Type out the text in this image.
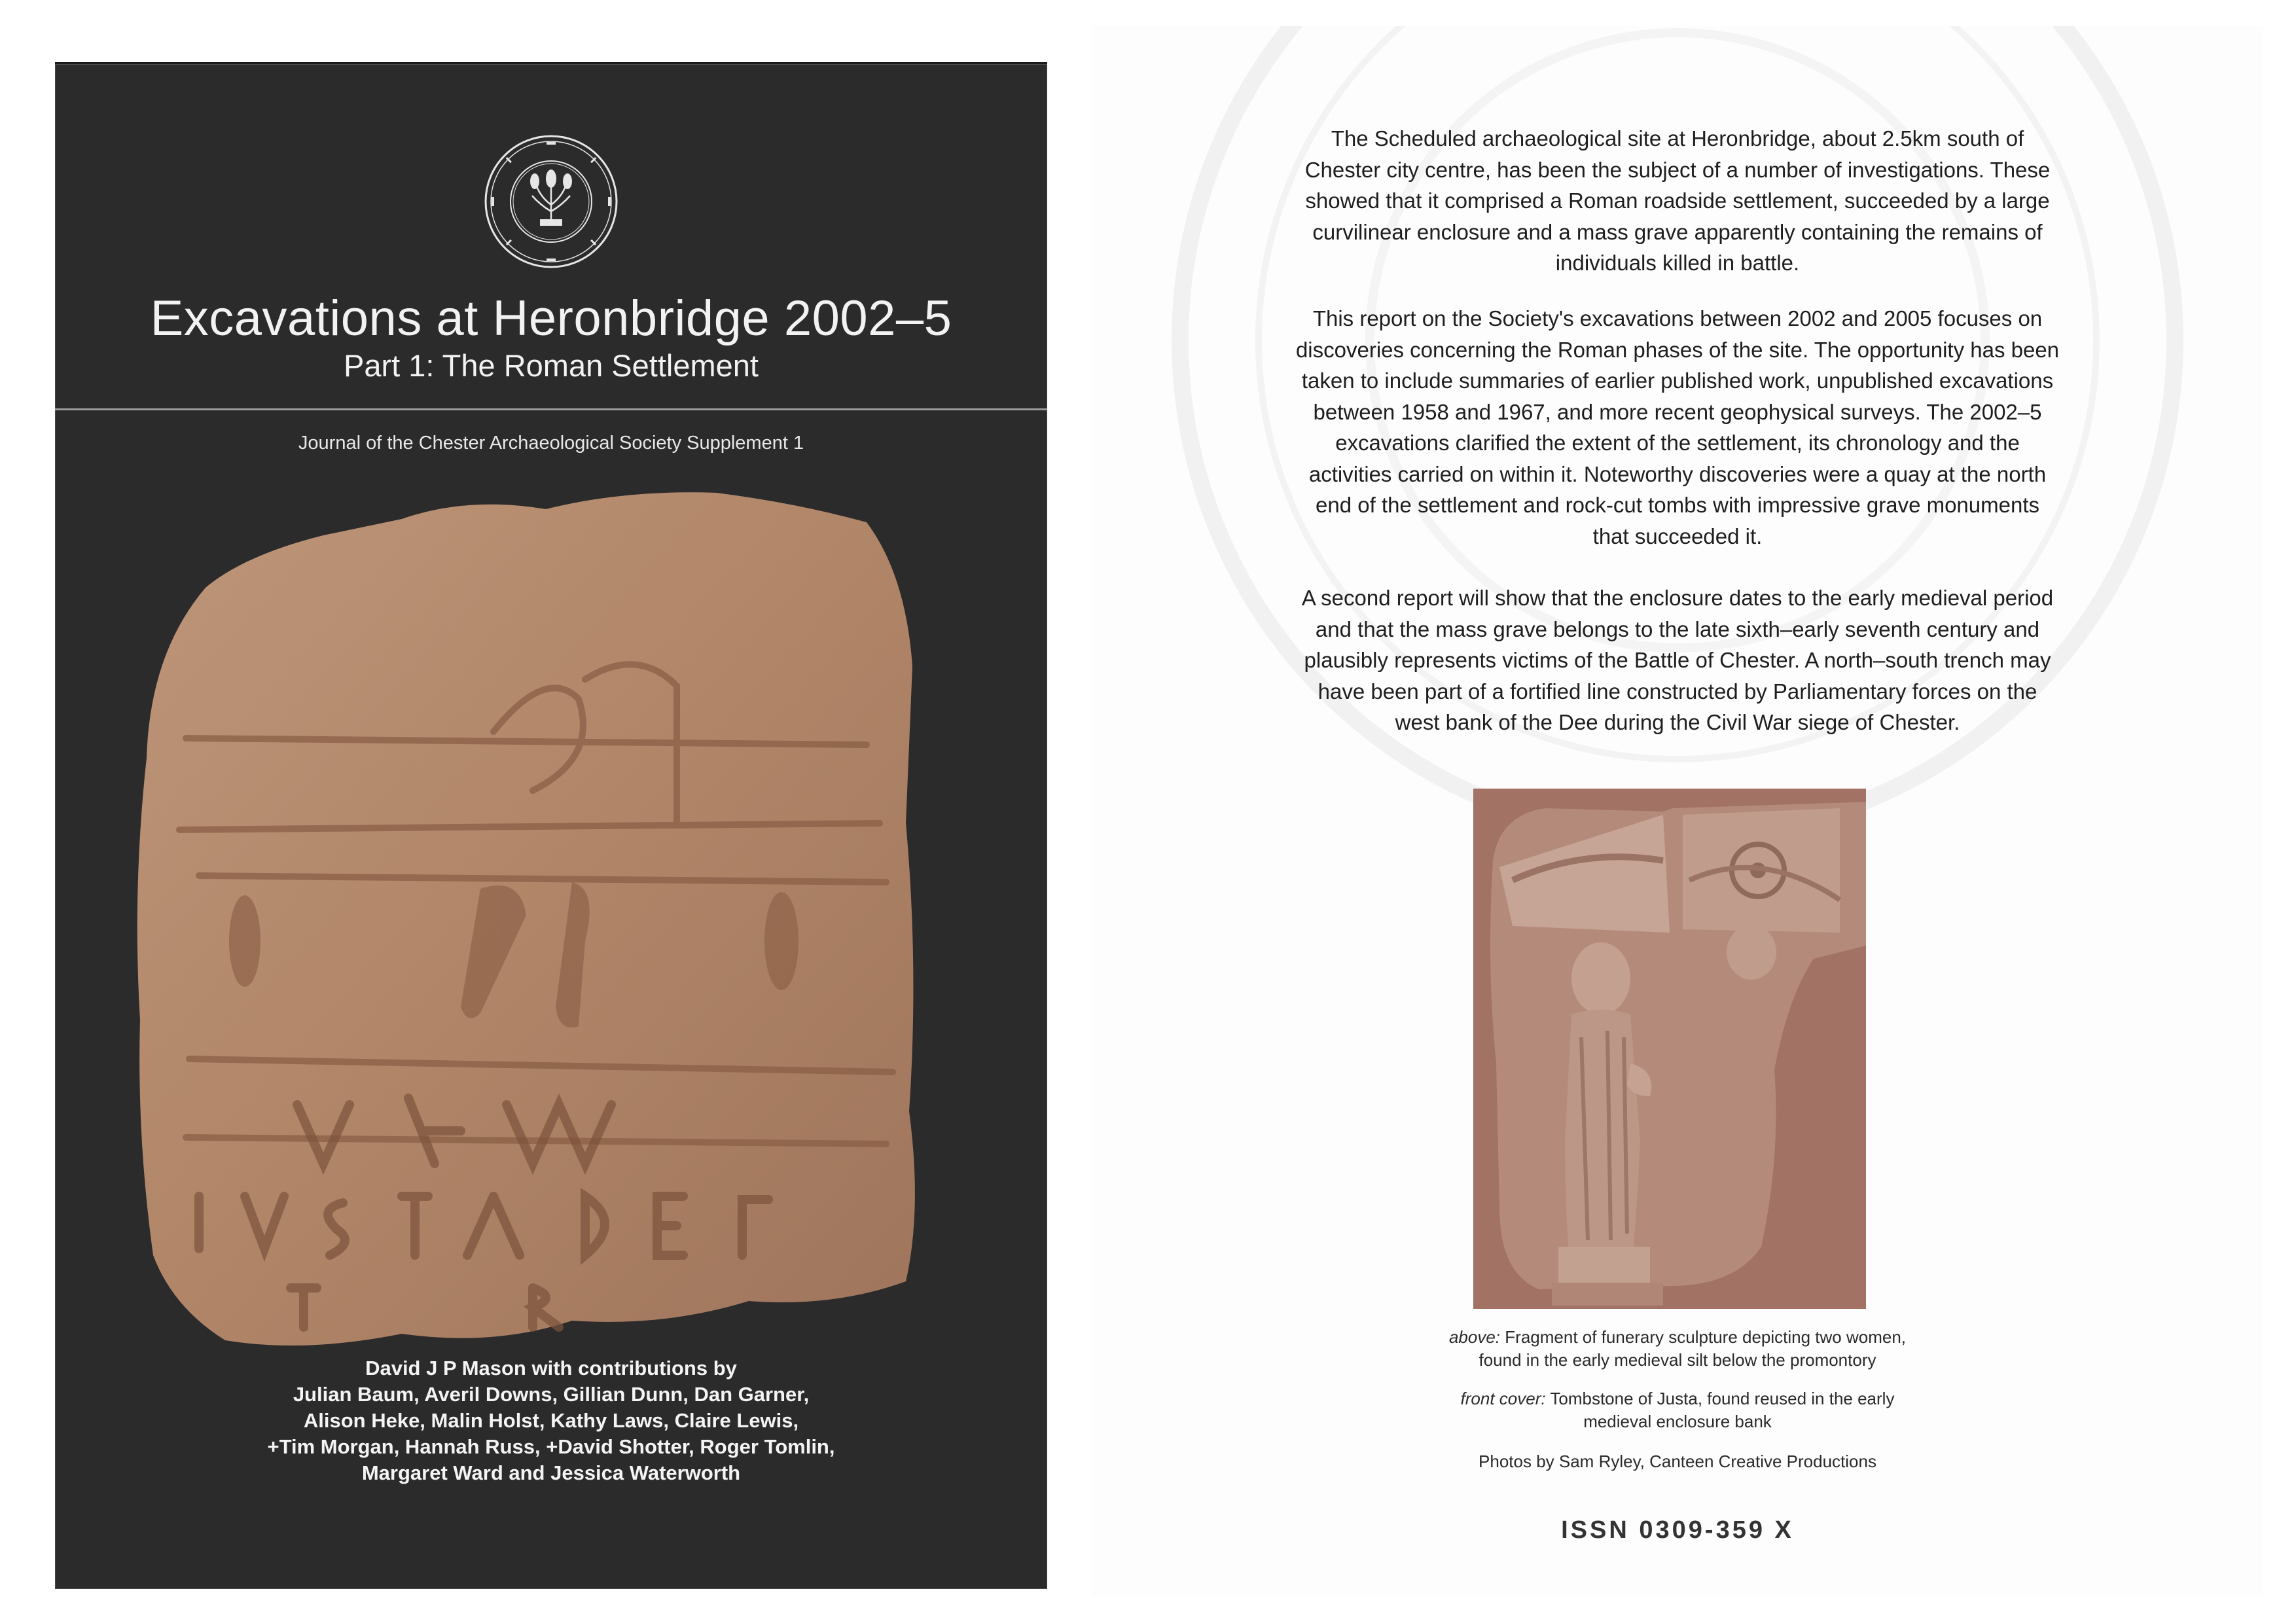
Excavations at Heronbridge 2002–5
Part 1: The Roman Settlement
Journal of the Chester Archaeological Society Supplement 1
David J P Mason with contributions by
Julian Baum, Averil Downs, Gillian Dunn, Dan Garner,
Alison Heke, Malin Holst, Kathy Laws, Claire Lewis,
+Tim Morgan, Hannah Russ, +David Shotter, Roger Tomlin,
Margaret Ward and Jessica Waterworth
The Scheduled archaeological site at Heronbridge, about 2.5km south of
Chester city centre, has been the subject of a number of investigations. These
showed that it comprised a Roman roadside settlement, succeeded by a large
curvilinear enclosure and a mass grave apparently containing the remains of
individuals killed in battle.
This report on the Society's excavations between 2002 and 2005 focuses on
discoveries concerning the Roman phases of the site. The opportunity has been
taken to include summaries of earlier published work, unpublished excavations
between 1958 and 1967, and more recent geophysical surveys. The 2002–5
excavations clarified the extent of the settlement, its chronology and the
activities carried on within it. Noteworthy discoveries were a quay at the north
end of the settlement and rock-cut tombs with impressive grave monuments
that succeeded it.
A second report will show that the enclosure dates to the early medieval period
and that the mass grave belongs to the late sixth–early seventh century and
plausibly represents victims of the Battle of Chester. A north–south trench may
have been part of a fortified line constructed by Parliamentary forces on the
west bank of the Dee during the Civil War siege of Chester.
above: Fragment of funerary sculpture depicting two women,
found in the early medieval silt below the promontory
front cover: Tombstone of Justa, found reused in the early
medieval enclosure bank
Photos by Sam Ryley, Canteen Creative Productions
ISSN 0309-359 X
